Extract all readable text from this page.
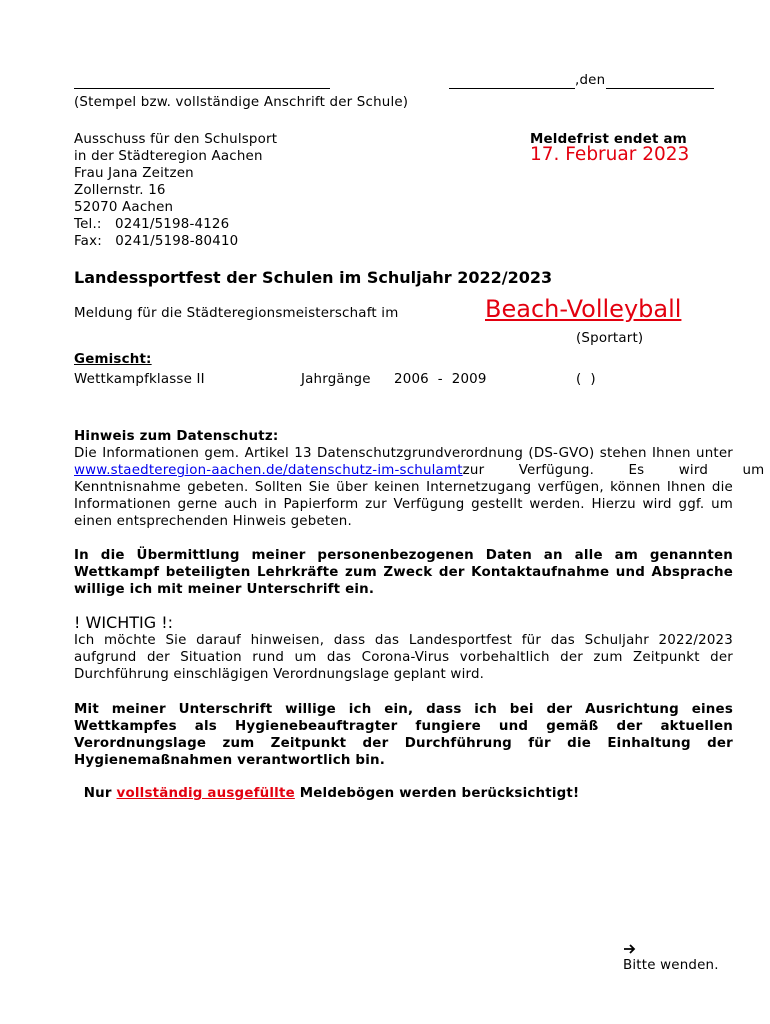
,den
(Stempel bzw. vollständige Anschrift der Schule)
Ausschuss für den Schulsport
in der Städteregion Aachen
Frau Jana Zeitzen
Zollernstr. 16
52070 Aachen
Tel.:   0241/5198-4126
Fax:   0241/5198-80410
Meldefrist endet am
17. Februar 2023
Landessportfest der Schulen im Schuljahr 2022/2023
Meldung für die Städteregionsmeisterschaft im	Beach-Volleyball
(Sportart)
Gemischt:
Wettkampfklasse II	Jahrgänge 2006  -  2009	(  )
Hinweis zum Datenschutz:
Die Informationen gem. Artikel 13 Datenschutzgrundverordnung (DS-GVO) stehen Ihnen unter
www.staedteregion-aachen.de/datenschutz-im-schulamt zur Verfügung. Es wird um
Kenntnisnahme gebeten. Sollten Sie über keinen Internetzugang verfügen, können Ihnen die Informationen gerne auch in Papierform zur Verfügung gestellt werden. Hierzu wird ggf. um einen entsprechenden Hinweis gebeten.
In die Übermittlung meiner personenbezogenen Daten an alle am genannten Wettkampf beteiligten Lehrkräfte zum Zweck der Kontaktaufnahme und Absprache willige ich mit meiner Unterschrift ein.
! WICHTIG !:
Ich möchte Sie darauf hinweisen, dass das Landesportfest für das Schuljahr 2022/2023 aufgrund der Situation rund um das Corona-Virus vorbehaltlich der zum Zeitpunkt der Durchführung einschlägigen Verordnungslage geplant wird.
Mit meiner Unterschrift willige ich ein, dass ich bei der Ausrichtung eines Wettkampfes als Hygienebeauftragter fungiere und gemäß der aktuellen Verordnungslage zum Zeitpunkt der Durchführung für die Einhaltung der Hygienemaßnahmen verantwortlich bin.

Nur vollständig ausgefüllte Meldebögen werden berücksichtigt!

Bitte wenden.
